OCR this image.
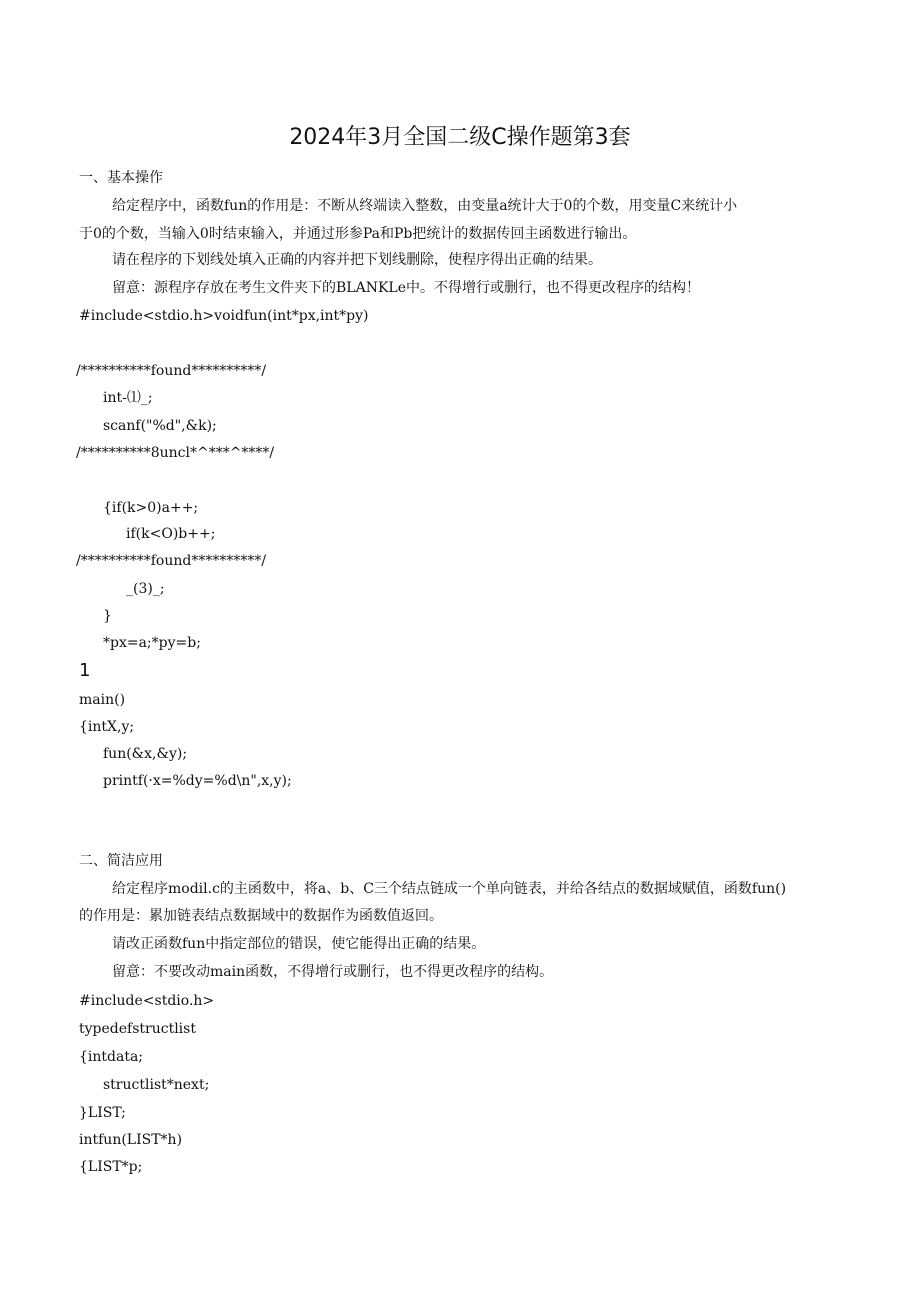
2024年3月全国二级C操作题第3套
一、基本操作
给定程序中，函数fun的作用是：不断从终端读入整数，由变量a统计大于0的个数，用变量C来统计小
于0的个数，当输入0时结束输入，并通过形参Pa和Pb把统计的数据传回主函数进行输出。
请在程序的下划线处填入正确的内容并把下划线删除，使程序得出正确的结果。
留意：源程序存放在考生文件夹下的BLANKLe中。不得增行或删行，也不得更改程序的结构！
#include<stdio.h>voidfun(int*px,int*py)
/**********found**********/
int-⑴_;
scanf("%d",&k);
/**********8uncl*^***^****/
{if(k>0)a++;
if(k<O)b++;
/**********found**********/
_(3)_;
}
*px=a;*py=b;
1
main()
{intX,y;
fun(&x,&y);
printf(·x=%dy=%d\n",x,y);
二、简洁应用
给定程序modil.c的主函数中，将a、b、C三个结点链成一个单向链表，并给各结点的数据域赋值，函数fun()
的作用是：累加链表结点数据域中的数据作为函数值返回。
请改正函数fun中指定部位的错误，使它能得出正确的结果。
留意：不要改动main函数，不得增行或删行，也不得更改程序的结构。
#include<stdio.h>
typedefstructlist
{intdata;
structlist*next;
}LIST;
intfun(LIST*h)
{LIST*p;
